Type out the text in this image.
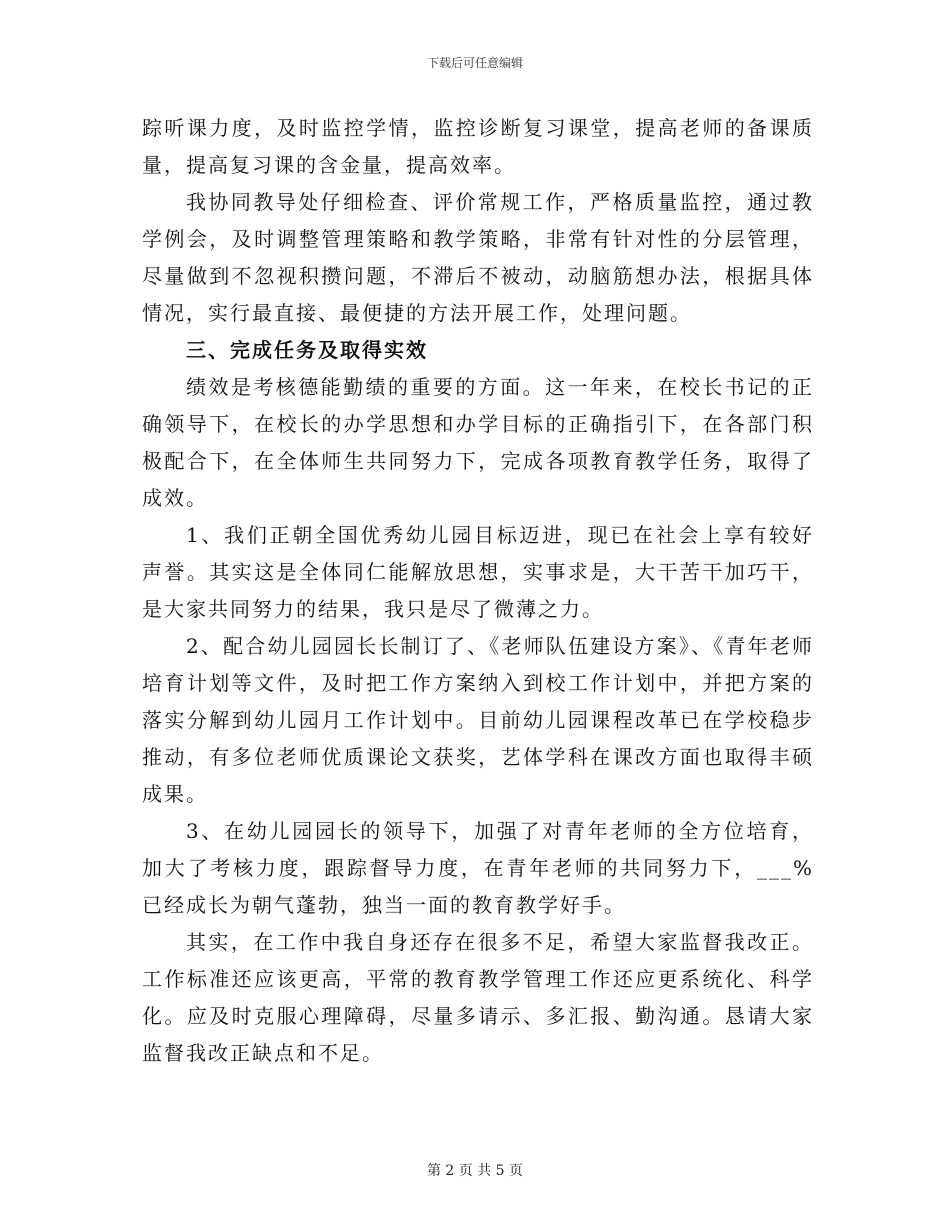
下载后可任意编辑

踪听课力度，及时监控学情，监控诊断复习课堂，提高老师的备课质量，提高复习课的含金量，提高效率。

我协同教导处仔细检查、评价常规工作，严格质量监控，通过教学例会，及时调整管理策略和教学策略，非常有针对性的分层管理，尽量做到不忽视积攒问题，不滞后不被动，动脑筋想办法，根据具体情况，实行最直接、最便捷的方法开展工作，处理问题。

三、完成任务及取得实效

绩效是考核德能勤绩的重要的方面。这一年来，在校长书记的正确领导下，在校长的办学思想和办学目标的正确指引下，在各部门积极配合下，在全体师生共同努力下，完成各项教育教学任务，取得了成效。

1、我们正朝全国优秀幼儿园目标迈进，现已在社会上享有较好声誉。其实这是全体同仁能解放思想，实事求是，大干苦干加巧干，是大家共同努力的结果，我只是尽了微薄之力。

2、配合幼儿园园长长制订了、《老师队伍建设方案》、《青年老师培育计划等文件，及时把工作方案纳入到校工作计划中，并把方案的落实分解到幼儿园月工作计划中。目前幼儿园课程改革已在学校稳步推动，有多位老师优质课论文获奖，艺体学科在课改方面也取得丰硕成果。

3、在幼儿园园长的领导下，加强了对青年老师的全方位培育，加大了考核力度，跟踪督导力度，在青年老师的共同努力下，___%已经成长为朝气蓬勃，独当一面的教育教学好手。

其实，在工作中我自身还存在很多不足，希望大家监督我改正。工作标准还应该更高，平常的教育教学管理工作还应更系统化、科学化。应及时克服心理障碍，尽量多请示、多汇报、勤沟通。恳请大家监督我改正缺点和不足。

第 2 页 共 5 页
